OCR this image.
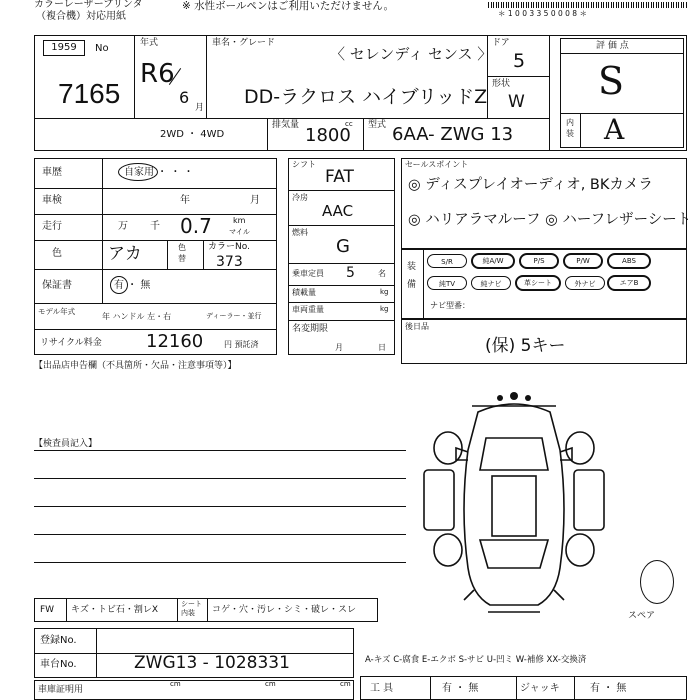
カラーレーザープリンタ
（複合機）対応用紙
※ 水性ボールペンはご利用いただけません。
＊ 1 0 0 3 3 5 0 0 0 8 ＊
1959	No
7165
年式
R6
6
月
車名・グレード
〈 セレンディ センス 〉
DD-ラクロス ハイブリッドZ
ドア
5
形状
W
評 価 点
S
内装 A
2WD ・ 4WD
排気量 1800
cc 型式 6AA- ZWG 13
車歴	自家用 ・ ・ ・
車検	年	月
走行	万 千 0.7	km
マイル
色	アカ	色替
カラーNo.
373
保証書	有 ・ 無
モデル年式
年 ハンドル 左・右	ディーラー・並行
リサイクル料金 12160	円 預託済
シフト
FAT
冷房
AAC
燃料
G
乗車定員 5	名
積載量	kg
車両重量	kg
名変期限
月	日
セールスポイント
◎ ディスプレイオーディオ, BKカメラ
◎ ハリアラマルーフ ◎ ハーフレザーシート
装備
S/R	純A/W	P/S	P/W	ABS
純TV	純ナビ	革シート	外ナビ	エアB
ナビ型番：
後日品
(保) 5キー
【出品店申告欄（不具箇所・欠品・注意事項等）】
【検査員記入】
スペア
FW キズ・トビ石・割レX
シート内装	コゲ・穴・汚レ・シミ・破レ・スレ
登録No.
車台No.	ZWG13 - 1028331
車庫証明用
cm	cm	cm
A-キズ C-腐食 E-エクボ S-サビ U-凹ミ W-補修 XX-交換済
工 具	有 ・ 無	ジャッキ	有 ・ 無
